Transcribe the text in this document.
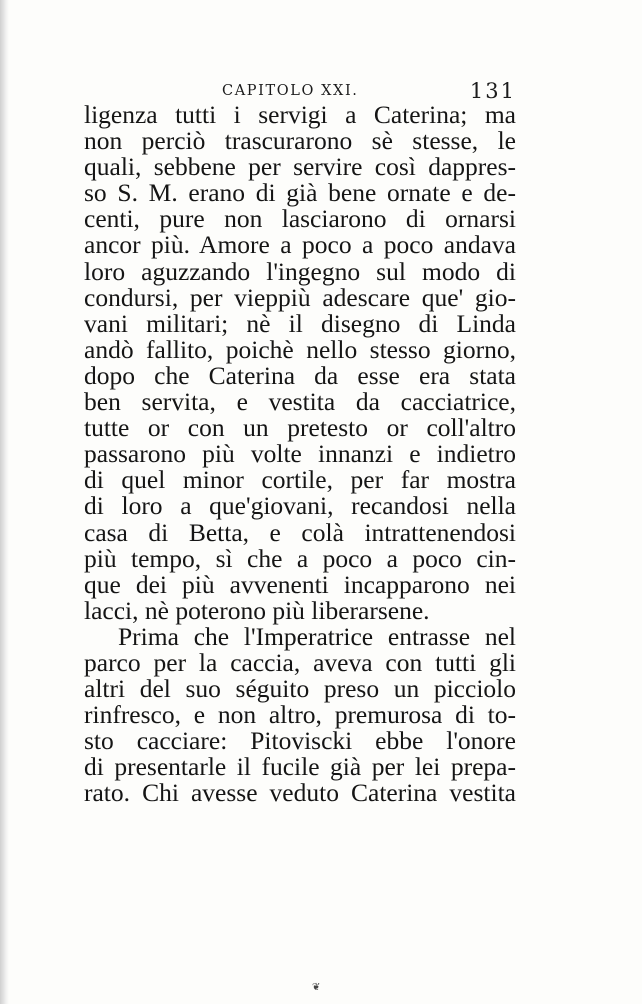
CAPITOLO XXI.	131
ligenza tutti i servigi a Caterina; ma
non perciò trascurarono sè stesse, le
quali, sebbene per servire così dappres-
so S. M. erano di già bene ornate e de-
centi, pure non lasciarono di ornarsi
ancor più. Amore a poco a poco andava
loro aguzzando l'ingegno sul modo di
condursi, per vieppiù adescare que' gio-
vani militari; nè il disegno di Linda
andò fallito, poichè nello stesso giorno,
dopo che Caterina da esse era stata
ben servita, e vestita da cacciatrice,
tutte or con un pretesto or coll'altro
passarono più volte innanzi e indietro
di quel minor cortile, per far mostra
di loro a que'giovani, recandosi nella
casa di Betta, e colà intrattenendosi
più tempo, sì che a poco a poco cin-
que dei più avvenenti incapparono nei
lacci, nè poterono più liberarsene.
Prima che l'Imperatrice entrasse nel
parco per la caccia, aveva con tutti gli
altri del suo séguito preso un picciolo
rinfresco, e non altro, premurosa di to-
sto cacciare: Pitoviscki ebbe l'onore
di presentarle il fucile già per lei prepa-
rato. Chi avesse veduto Caterina vestita
❦
